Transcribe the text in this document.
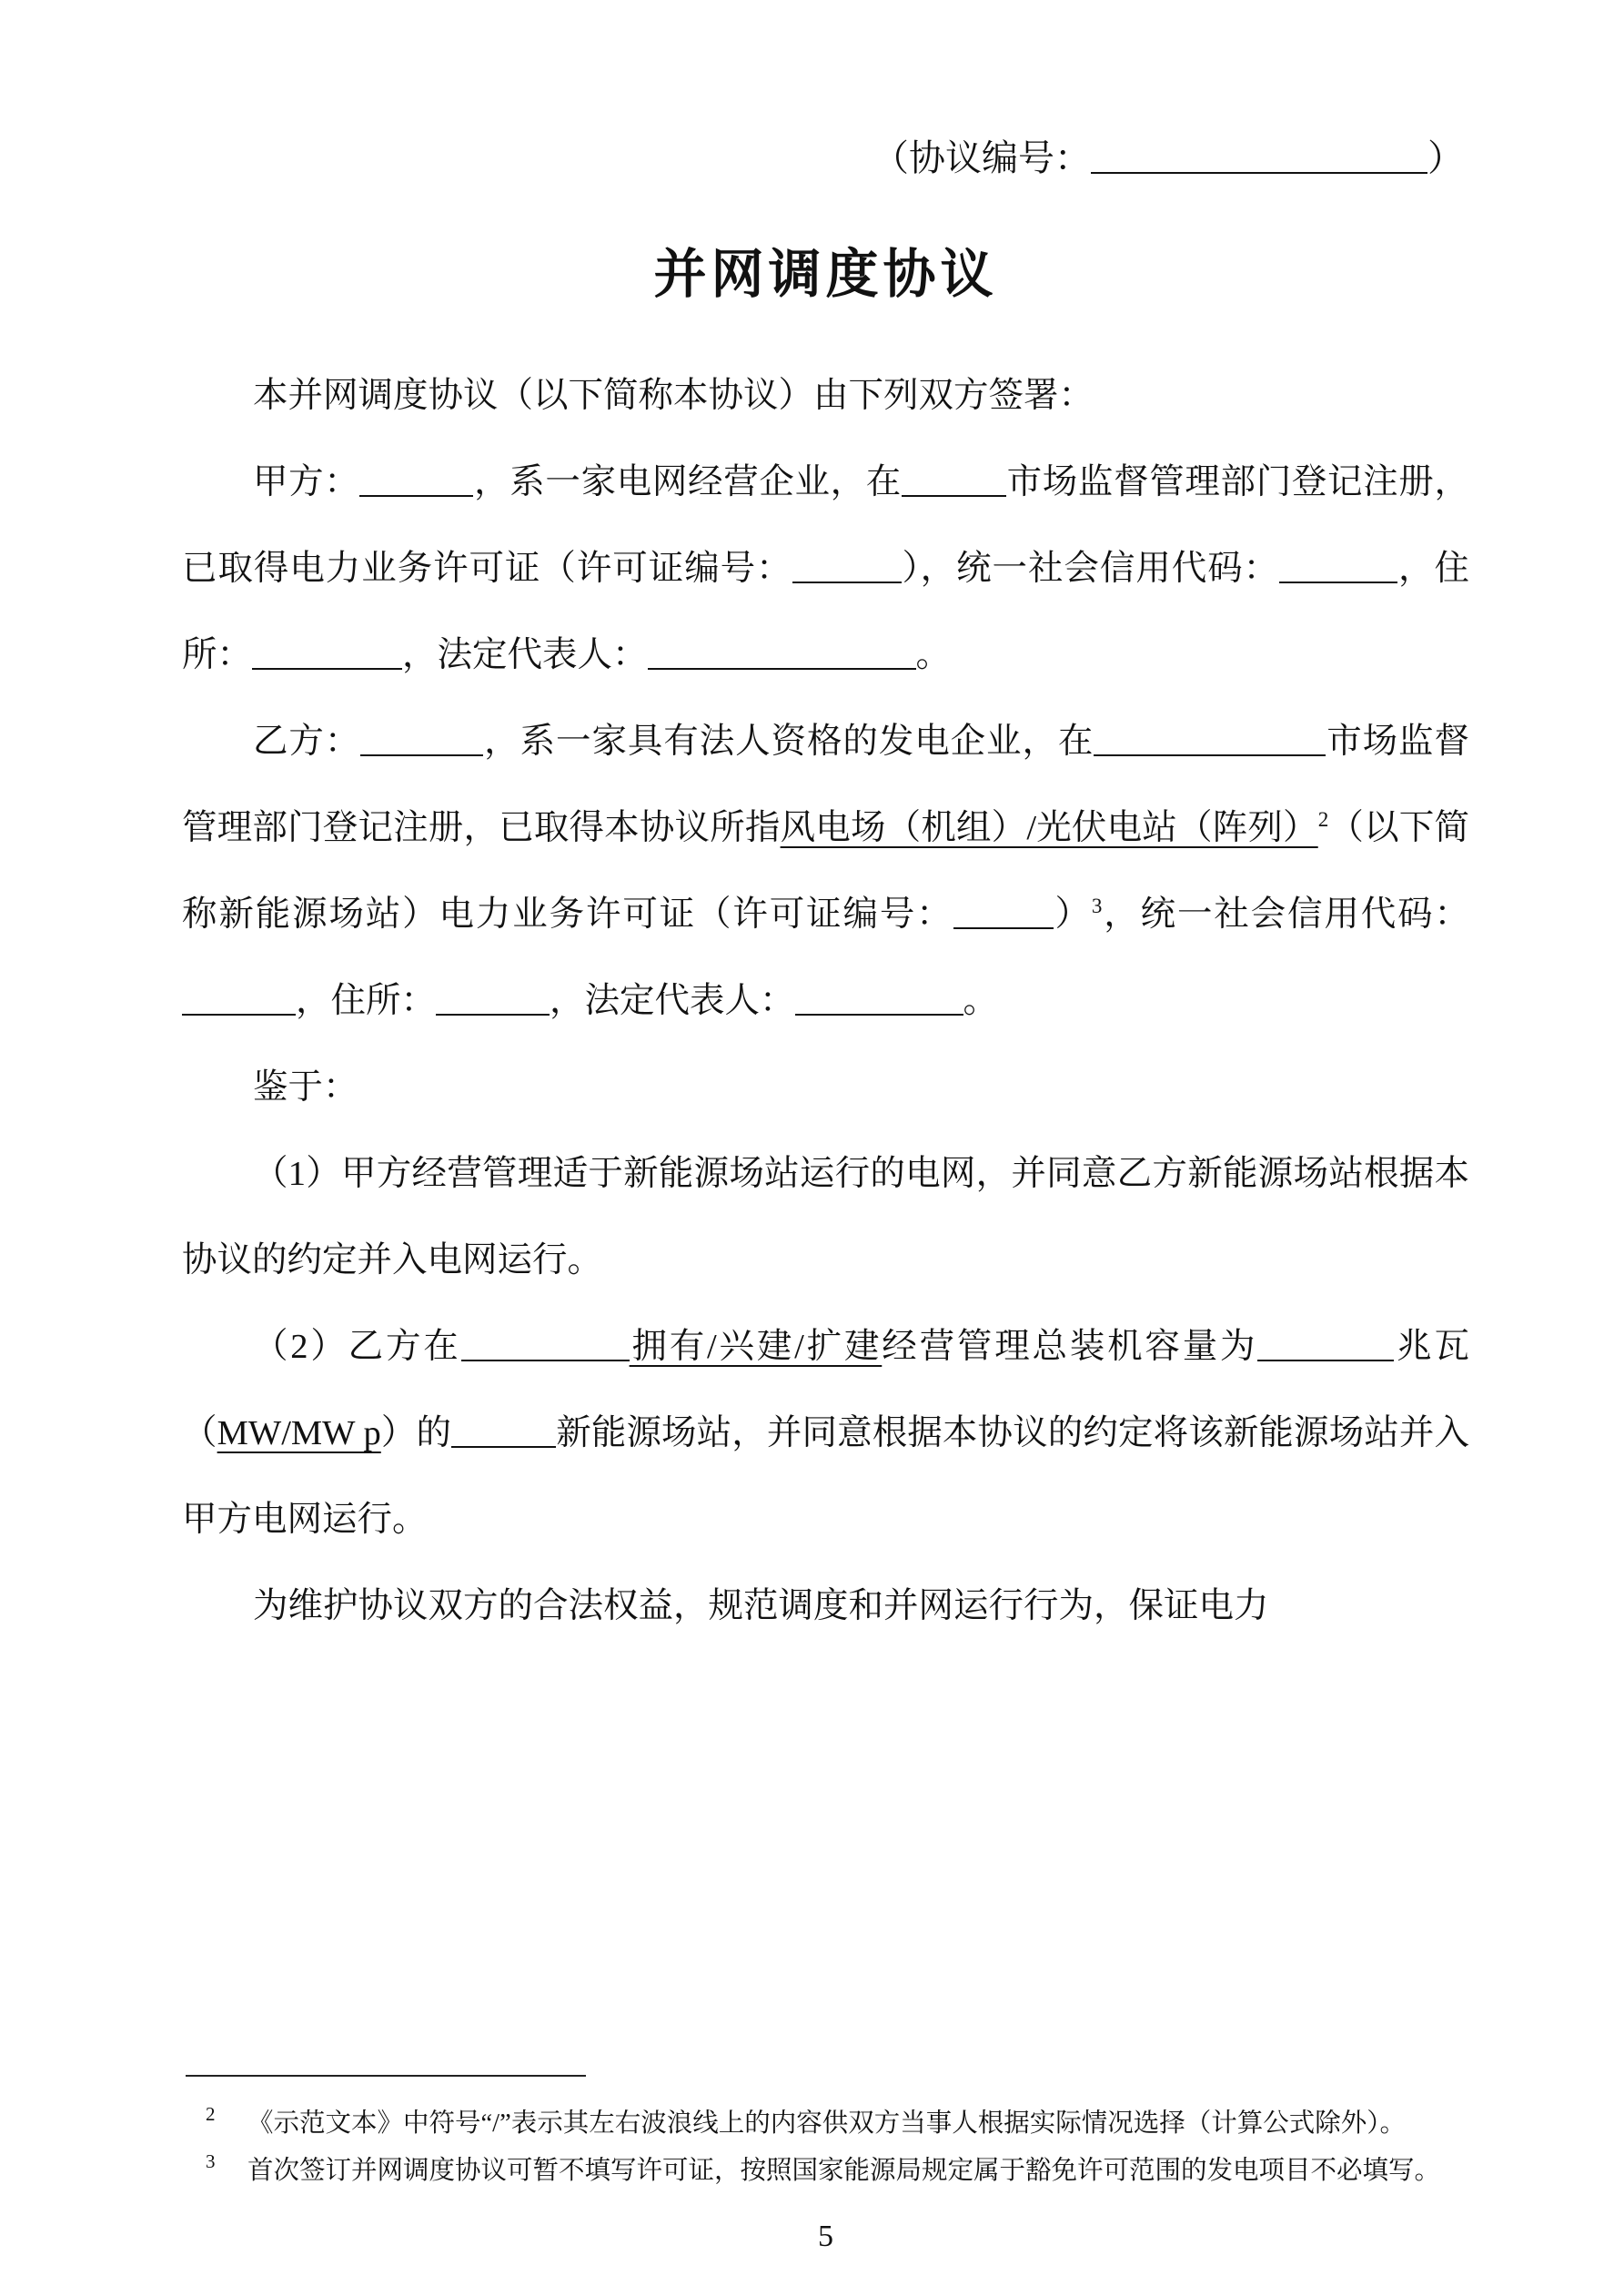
（协议编号：	）
并网调度协议

本并网调度协议（以下简称本协议）由下列双方签署：

甲方：	，系一家电网经营企业，在	市场监督管理部门登记注册，已取得电力业务许可证（许可证编号：	），统一社会信用代码：	，住所：	，法定代表人：	。

乙方：	，系一家具有法人资格的发电企业，在	市场监督管理部门登记注册，已取得本协议所指风电场（机组）/光伏电站（阵列）$^2$（以下简称新能源场站）电力业务许可证（许可证编号：	）$^3$，统一社会信用代码：，住所：	，法定代表人：	。

鉴于：

（1）甲方经营管理适于新能源场站运行的电网，并同意乙方新能源场站根据本协议的约定并入电网运行。

（2）乙方在	拥有/兴建/扩建经营管理总装机容量为	兆瓦（MW/MW p）的	新能源场站，并同意根据本协议的约定将该新能源场站并入甲方电网运行。

为维护协议双方的合法权益，规范调度和并网运行行为，保证电力

2	《示范文本》中符号“/”表示其左右波浪线上的内容供双方当事人根据实际情况选择（计算公式除外）。
3	首次签订并网调度协议可暂不填写许可证，按照国家能源局规定属于豁免许可范围的发电项目不必填写。
5
